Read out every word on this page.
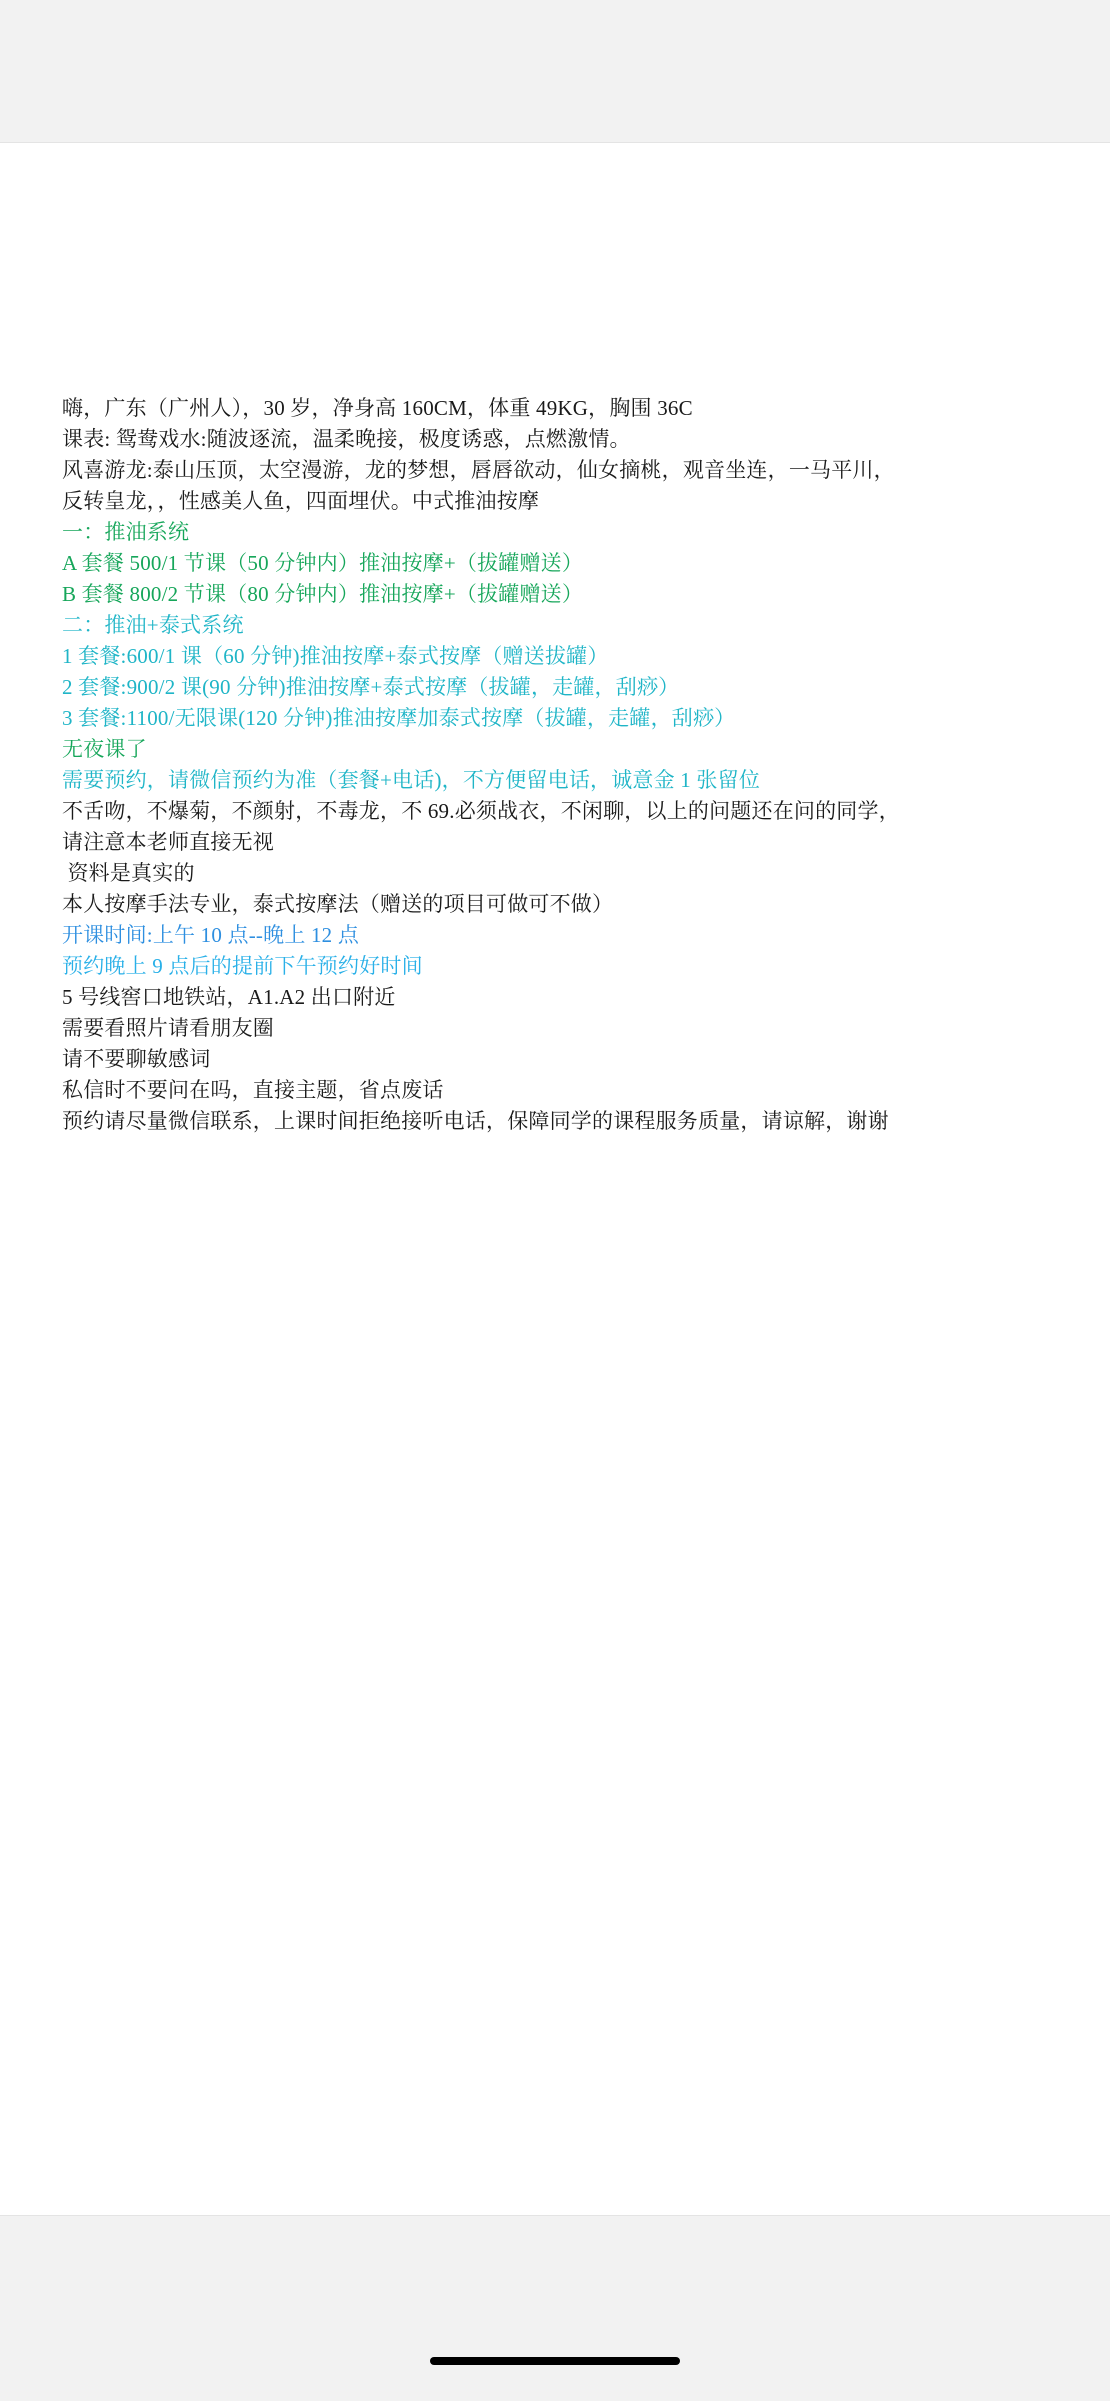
嗨，广东（广州人），30 岁，净身高 160CM，体重 49KG，胸围 36C
课表: 鸳鸯戏水:随波逐流，温柔晚接，极度诱惑，点燃激情。
风喜游龙:泰山压顶，太空漫游，龙的梦想，唇唇欲动，仙女摘桃，观音坐连，一马平川，
反转皇龙，，性感美人鱼，四面埋伏。中式推油按摩
一：推油系统
A 套餐 500/1 节课（50 分钟内）推油按摩+（拔罐赠送）
B 套餐 800/2 节课（80 分钟内）推油按摩+（拔罐赠送）
二：推油+泰式系统
1 套餐:600/1 课（60 分钟)推油按摩+泰式按摩（赠送拔罐）
2 套餐:900/2 课(90 分钟)推油按摩+泰式按摩（拔罐，走罐，刮痧）
3 套餐:1100/无限课(120 分钟)推油按摩加泰式按摩（拔罐，走罐，刮痧）
无夜课了
需要预约，请微信预约为准（套餐+电话)，不方便留电话，诚意金 1 张留位
不舌吻，不爆菊，不颜射，不毒龙，不 69.必须战衣，不闲聊，以上的问题还在问的同学，
请注意本老师直接无视
资料是真实的
本人按摩手法专业，泰式按摩法（赠送的项目可做可不做）
开课时间:上午 10 点--晚上 12 点
预约晚上 9 点后的提前下午预约好时间
5 号线窖口地铁站，A1.A2 出口附近
需要看照片请看朋友圈
请不要聊敏感词
私信时不要问在吗，直接主题，省点废话
预约请尽量微信联系，上课时间拒绝接听电话，保障同学的课程服务质量，请谅解，谢谢
